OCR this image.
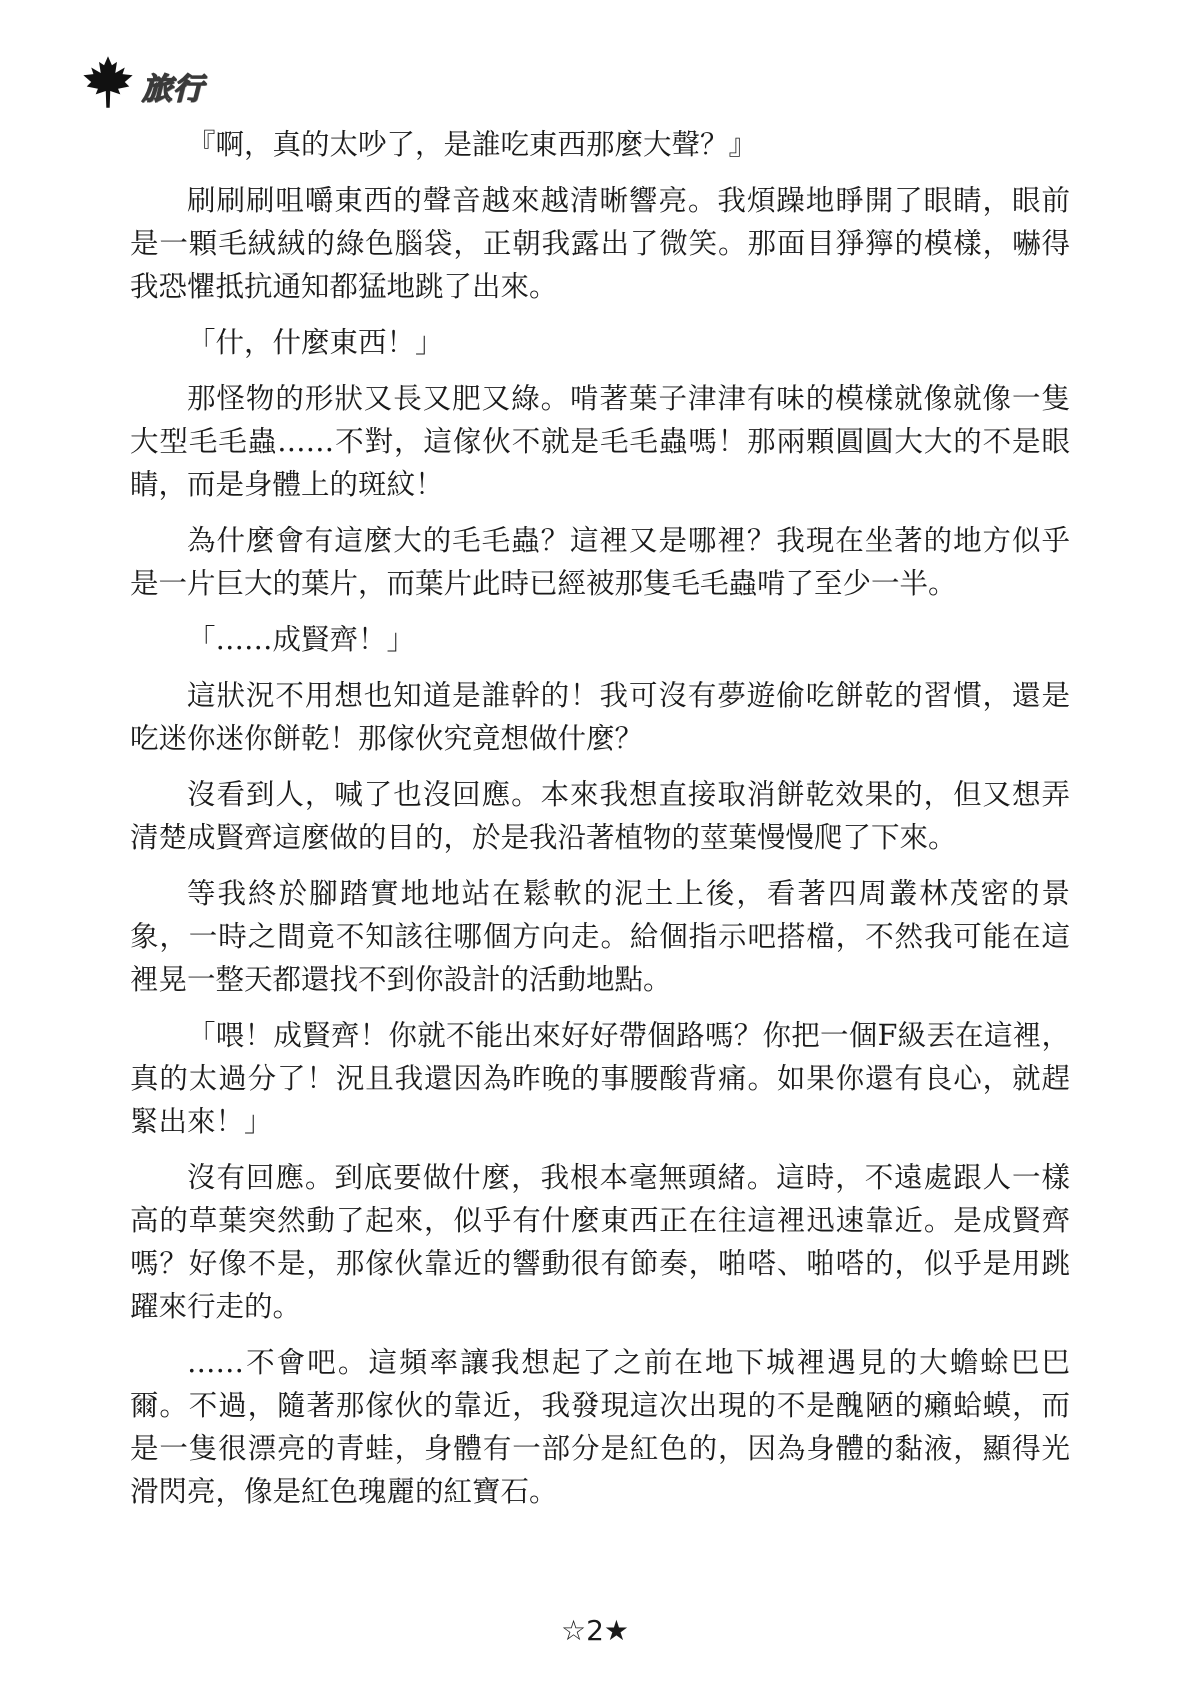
旅行

『啊，真的太吵了，是誰吃東西那麼大聲？』

刷刷刷咀嚼東西的聲音越來越清晰響亮。我煩躁地睜開了眼睛，眼前是一顆毛絨絨的綠色腦袋，正朝我露出了微笑。那面目猙獰的模樣，嚇得我恐懼抵抗通知都猛地跳了出來。

「什，什麼東西！」

那怪物的形狀又長又肥又綠。啃著葉子津津有味的模樣就像就像一隻大型毛毛蟲……不對，這傢伙不就是毛毛蟲嗎！那兩顆圓圓大大的不是眼睛，而是身體上的斑紋！

為什麼會有這麼大的毛毛蟲？這裡又是哪裡？我現在坐著的地方似乎是一片巨大的葉片，而葉片此時已經被那隻毛毛蟲啃了至少一半。

「……成賢齊！」

這狀況不用想也知道是誰幹的！我可沒有夢遊偷吃餅乾的習慣，還是吃迷你迷你餅乾！那傢伙究竟想做什麼？

沒看到人，喊了也沒回應。本來我想直接取消餅乾效果的，但又想弄清楚成賢齊這麼做的目的，於是我沿著植物的莖葉慢慢爬了下來。

等我終於腳踏實地地站在鬆軟的泥土上後，看著四周叢林茂密的景象，一時之間竟不知該往哪個方向走。給個指示吧搭檔，不然我可能在這裡晃一整天都還找不到你設計的活動地點。

「喂！成賢齊！你就不能出來好好帶個路嗎？你把一個F級丟在這裡，真的太過分了！況且我還因為昨晚的事腰酸背痛。如果你還有良心，就趕緊出來！」

沒有回應。到底要做什麼，我根本毫無頭緒。這時，不遠處跟人一樣高的草葉突然動了起來，似乎有什麼東西正在往這裡迅速靠近。是成賢齊嗎？好像不是，那傢伙靠近的響動很有節奏，啪嗒、啪嗒的，似乎是用跳躍來行走的。

……不會吧。這頻率讓我想起了之前在地下城裡遇見的大蟾蜍巴巴爾。不過，隨著那傢伙的靠近，我發現這次出現的不是醜陋的癩蛤蟆，而是一隻很漂亮的青蛙，身體有一部分是紅色的，因為身體的黏液，顯得光滑閃亮，像是紅色瑰麗的紅寶石。

☆2★
